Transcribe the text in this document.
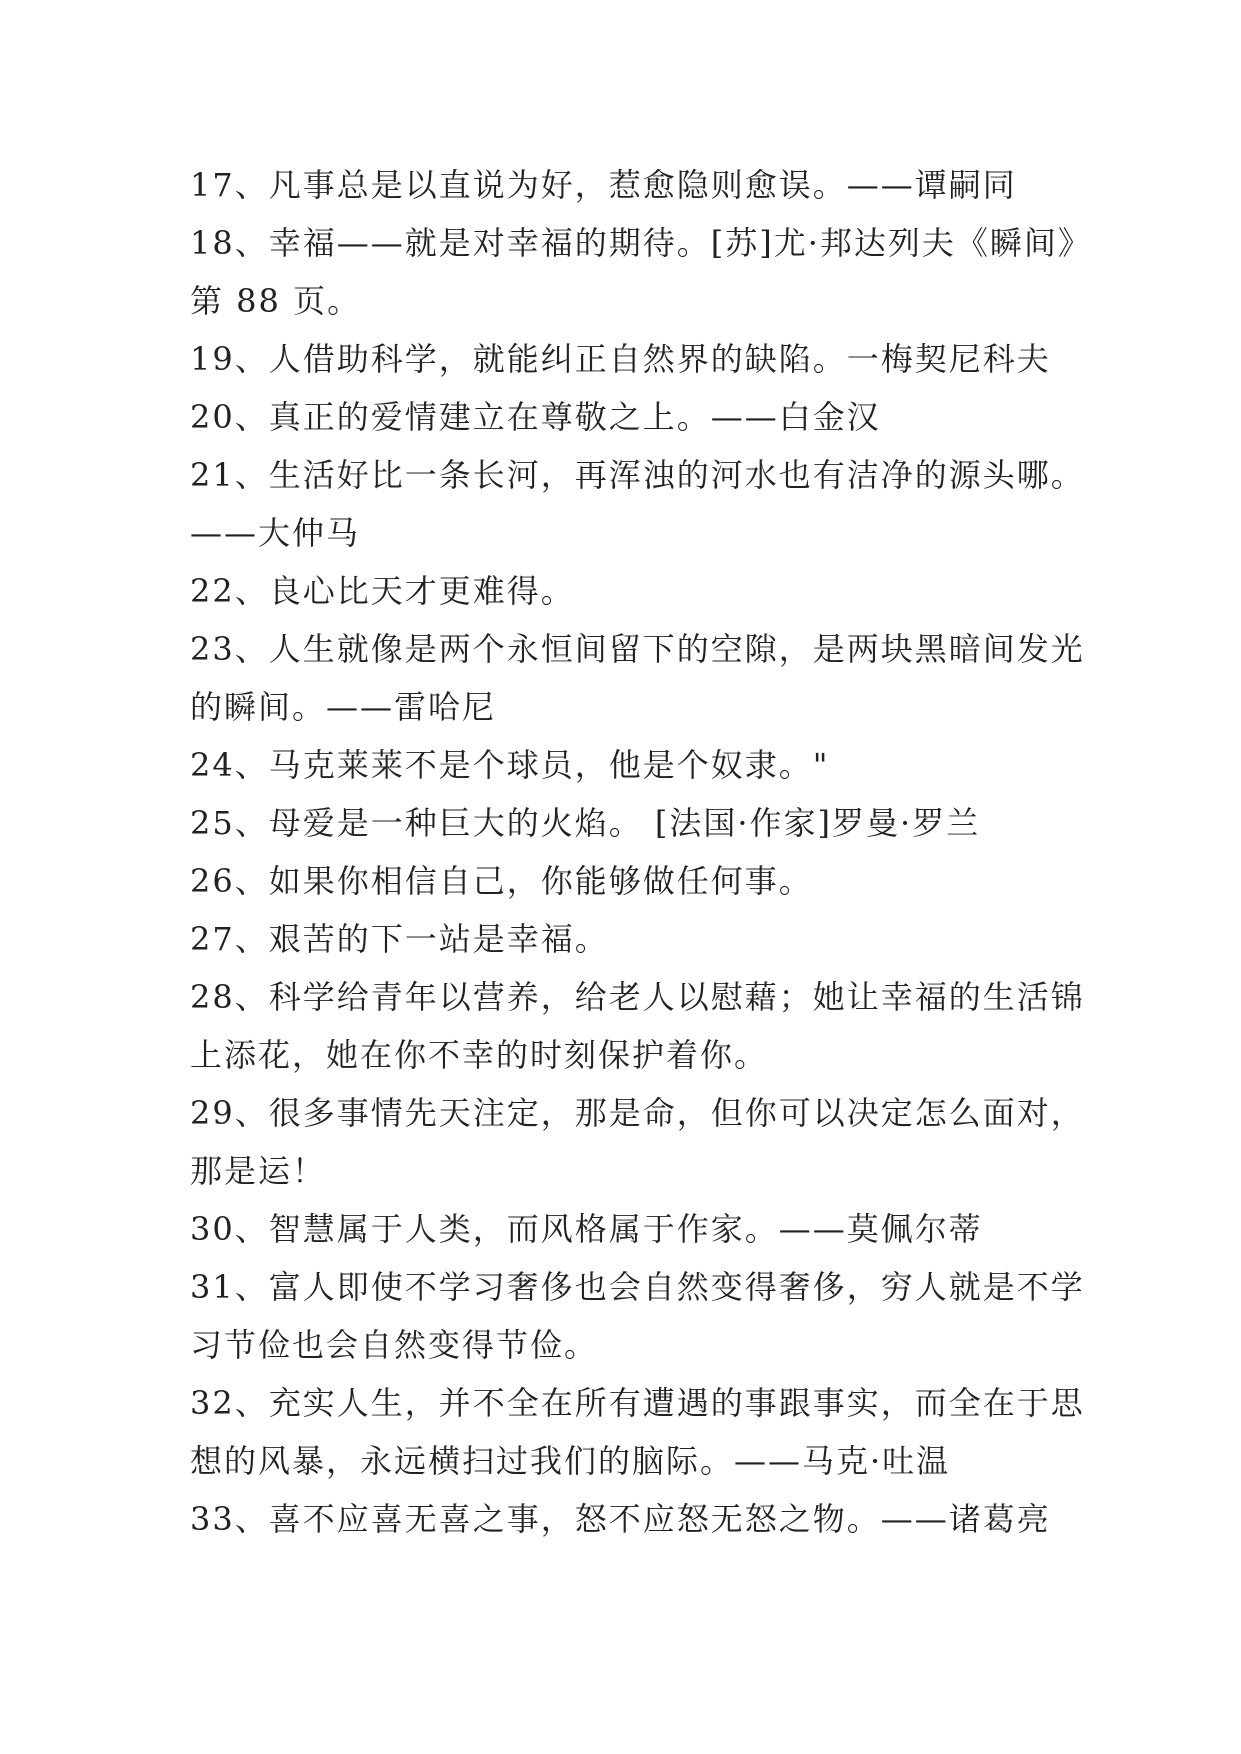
17、凡事总是以直说为好，惹愈隐则愈误。——谭嗣同
18、幸福——就是对幸福的期待。[苏]尤·邦达列夫《瞬间》
第 88 页。
19、人借助科学，就能纠正自然界的缺陷。一梅契尼科夫
20、真正的爱情建立在尊敬之上。——白金汉
21、生活好比一条长河，再浑浊的河水也有洁净的源头哪。
——大仲马
22、良心比天才更难得。
23、人生就像是两个永恒间留下的空隙，是两块黑暗间发光
的瞬间。——雷哈尼
24、马克莱莱不是个球员，他是个奴隶。"
25、母爱是一种巨大的火焰。 [法国·作家]罗曼·罗兰
26、如果你相信自己，你能够做任何事。
27、艰苦的下一站是幸福。
28、科学给青年以营养，给老人以慰藉；她让幸福的生活锦
上添花，她在你不幸的时刻保护着你。
29、很多事情先天注定，那是命，但你可以决定怎么面对，
那是运！
30、智慧属于人类，而风格属于作家。——莫佩尔蒂
31、富人即使不学习奢侈也会自然变得奢侈，穷人就是不学
习节俭也会自然变得节俭。
32、充实人生，并不全在所有遭遇的事跟事实，而全在于思
想的风暴，永远横扫过我们的脑际。——马克·吐温
33、喜不应喜无喜之事，怒不应怒无怒之物。——诸葛亮
